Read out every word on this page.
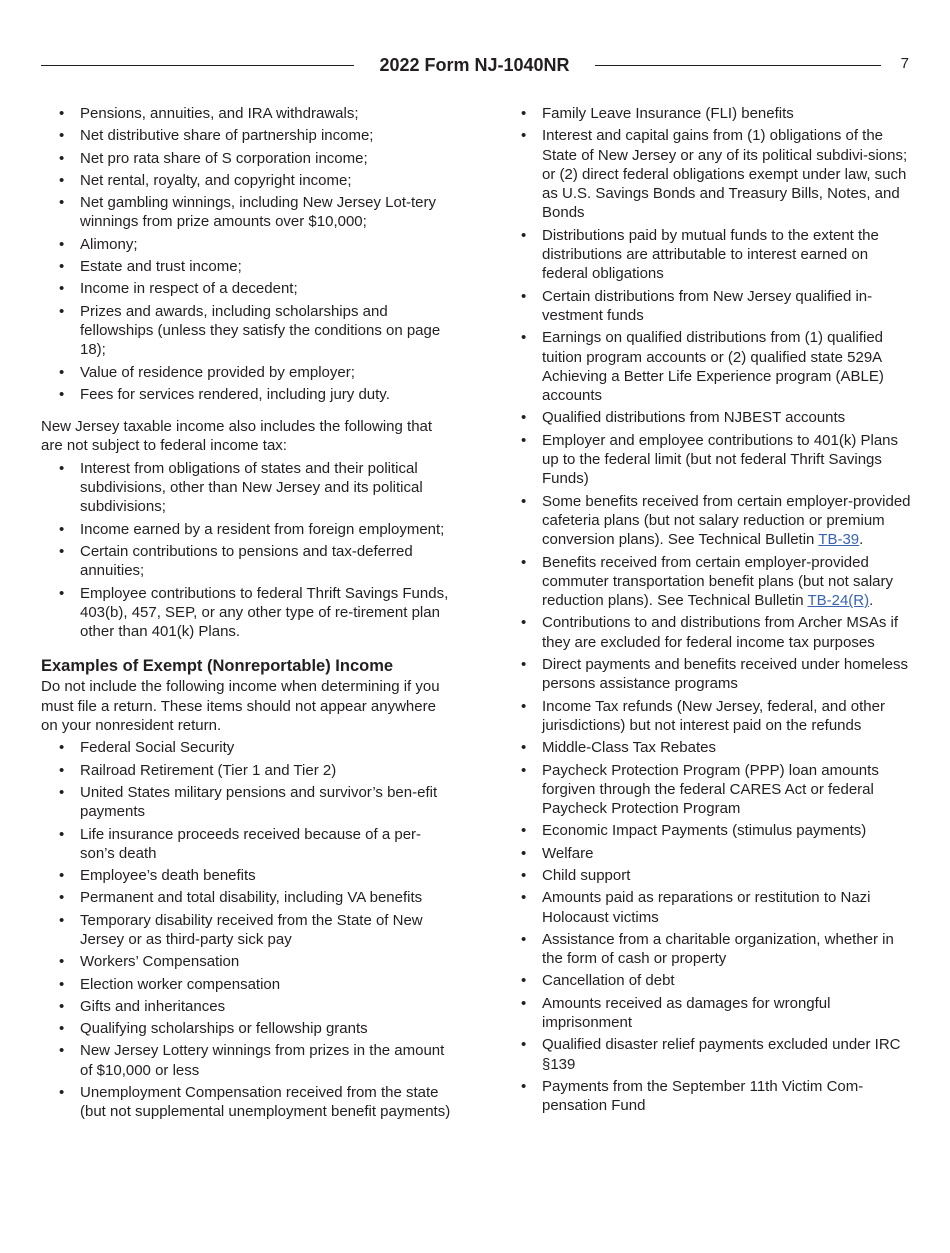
2022 Form NJ-1040NR	7
• Pensions, annuities, and IRA withdrawals;
• Net distributive share of partnership income;
• Net pro rata share of S corporation income;
• Net rental, royalty, and copyright income;
• Net gambling winnings, including New Jersey Lot-tery winnings from prize amounts over $10,000;
• Alimony;
• Estate and trust income;
• Income in respect of a decedent;
• Prizes and awards, including scholarships and fellowships (unless they satisfy the conditions on page 18);
• Value of residence provided by employer;
• Fees for services rendered, including jury duty.

New Jersey taxable income also includes the following that are not subject to federal income tax:

• Interest from obligations of states and their political subdivisions, other than New Jersey and its political subdivisions;
• Income earned by a resident from foreign employment;
• Certain contributions to pensions and tax-deferred annuities;
• Employee contributions to federal Thrift Savings Funds, 403(b), 457, SEP, or any other type of re-tirement plan other than 401(k) Plans.
Examples of Exempt (Nonreportable) Income

Do not include the following income when determining if you must file a return. These items should not appear anywhere on your nonresident return.

• Federal Social Security
• Railroad Retirement (Tier 1 and Tier 2)
• United States military pensions and survivor’s ben-efit payments
• Life insurance proceeds received because of a per-son’s death
• Employee’s death benefits
• Permanent and total disability, including VA benefits
• Temporary disability received from the State of New Jersey or as third-party sick pay
• Workers’ Compensation
• Election worker compensation
• Gifts and inheritances
• Qualifying scholarships or fellowship grants
• New Jersey Lottery winnings from prizes in the amount of $10,000 or less
• Unemployment Compensation received from the state (but not supplemental unemployment benefit payments)
• Family Leave Insurance (FLI) benefits
• Interest and capital gains from (1) obligations of the State of New Jersey or any of its political subdivi-sions; or (2) direct federal obligations exempt under law, such as U.S. Savings Bonds and Treasury Bills, Notes, and Bonds
• Distributions paid by mutual funds to the extent the distributions are attributable to interest earned on federal obligations
• Certain distributions from New Jersey qualified in-vestment funds
• Earnings on qualified distributions from (1) qualified tuition program accounts or (2) qualified state 529A Achieving a Better Life Experience program (ABLE) accounts
• Qualified distributions from NJBEST accounts
• Employer and employee contributions to 401(k) Plans up to the federal limit (but not federal Thrift Savings Funds)
• Some benefits received from certain employer-provided cafeteria plans (but not salary reduction or premium conversion plans). See Technical Bulletin TB-39.
• Benefits received from certain employer-provided commuter transportation benefit plans (but not salary reduction plans). See Technical Bulletin TB-24(R).
• Contributions to and distributions from Archer MSAs if they are excluded for federal income tax purposes
• Direct payments and benefits received under homeless persons assistance programs
• Income Tax refunds (New Jersey, federal, and other jurisdictions) but not interest paid on the refunds
• Middle-Class Tax Rebates
• Paycheck Protection Program (PPP) loan amounts forgiven through the federal CARES Act or federal Paycheck Protection Program
• Economic Impact Payments (stimulus payments)
• Welfare
• Child support
• Amounts paid as reparations or restitution to Nazi Holocaust victims
• Assistance from a charitable organization, whether in the form of cash or property
• Cancellation of debt
• Amounts received as damages for wrongful imprisonment
• Qualified disaster relief payments excluded under IRC §139
• Payments from the September 11th Victim Com-pensation Fund
